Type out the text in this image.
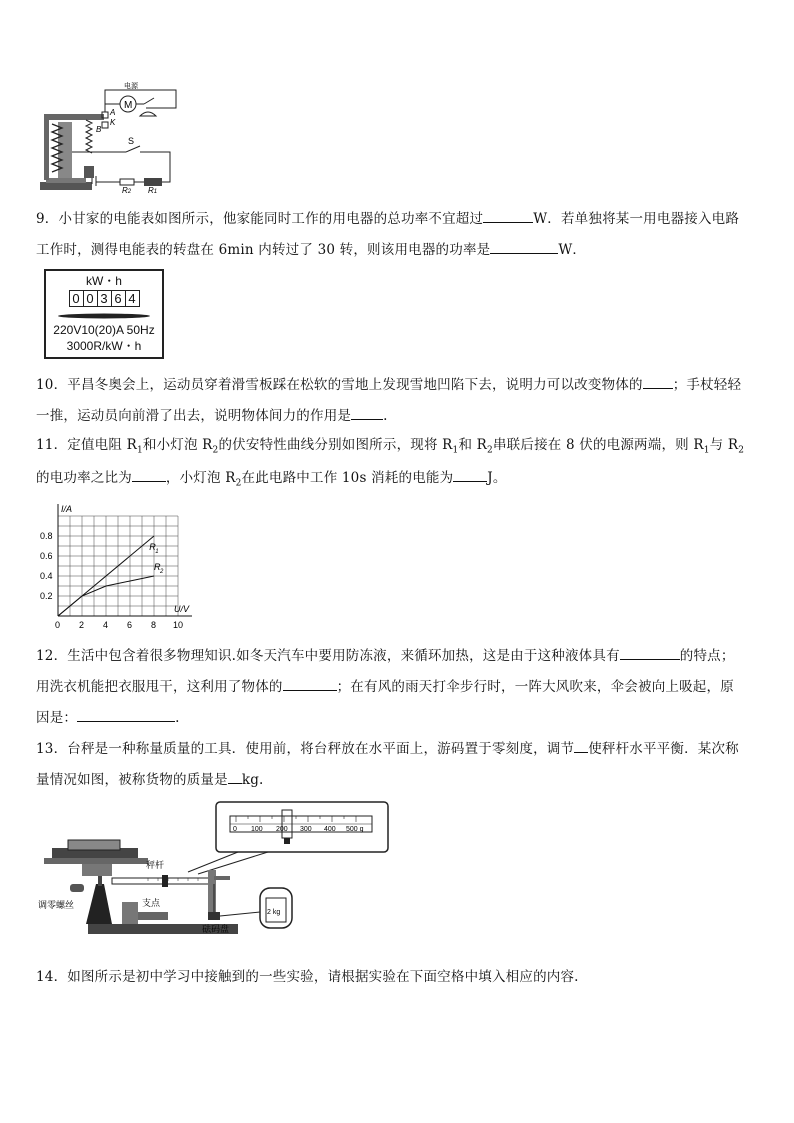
M
电源
A
B
K
S
R2 R1
9．小甘家的电能表如图所示，他家能同时工作的用电器的总功率不宜超过	W．若单独将某一用电器接入电路
工作时，测得电能表的转盘在 6min 内转过了 30 转，则该用电器的功率是	W．
kW・h
0 0 3 6 4
220V10(20)A 50Hz
3000R/kW・h
10．平昌冬奥会上，运动员穿着滑雪板踩在松软的雪地上发现雪地凹陷下去，说明力可以改变物体的 ；手杖轻轻
一推，运动员向前滑了出去，说明物体间力的作用是 .
11．定值电阻 $R_1$和小灯泡 $R_2$的伏安特性曲线分别如图所示，现将 $R_1$和 $R_2$串联后接在 8 伏的电源两端，则 $R_1$与 $R_2$
的电功率之比为	，小灯泡 $R_2$在此电路中工作 10s 消耗的电能为	J。
I/A
U/V
0 2 4 6 8 10
0.2
0.4
0.6
0.8
R 1
R 2
12．生活中包含着很多物理知识.如冬天汽车中要用防冻液，来循环加热，这是由于这种液体具有	的特点；
用洗衣机能把衣服甩干，这利用了物体的	；在有风的雨天打伞步行时，一阵大风吹来，伞会被向上吸起，原
因是：	.
13．台秤是一种称量质量的工具．使用前，将台秤放在水平面上，游码置于零刻度，调节 使秤杆水平平衡．某次称
量情况如图，被称货物的质量是 kg.
0 100 200 300 400 500 g
2 kg
秤杆
支点
调零螺丝
砝码盘
14．如图所示是初中学习中接触到的一些实验，请根据实验在下面空格中填入相应的内容.
